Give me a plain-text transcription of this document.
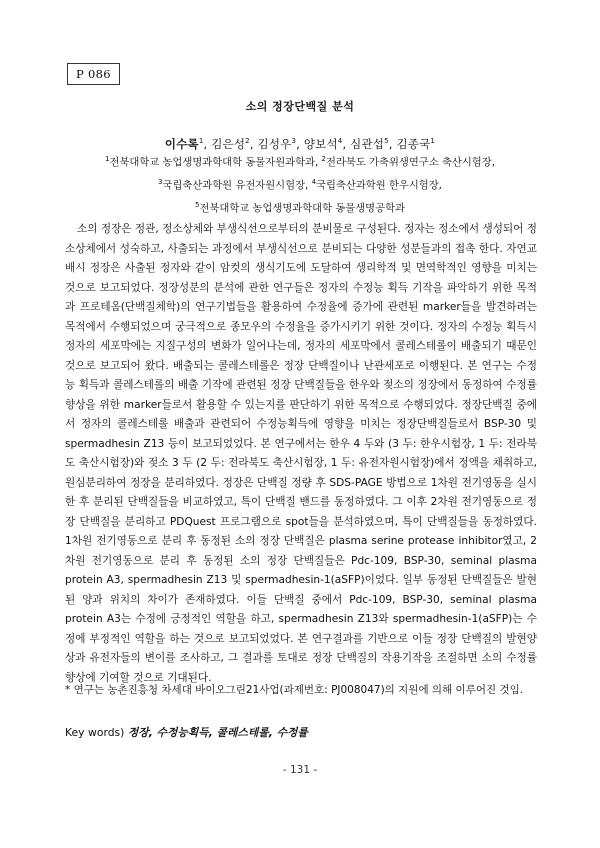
P 086
소의 정장단백질 분석
이수록$^1$, 김은성$^2$, 김성우$^3$, 양보석$^4$, 심관섭$^5$, 김종국$^1$
$^1$전북대학교 농업생명과학대학 동물자원과학과, $^2$전라북도 가축위생연구소 축산시험장,
$^3$국립축산과학원 유전자원시험장, $^4$국립축산과학원 한우시험장,
$^5$전북대학교 농업생명과학대학 동물생명공학과
소의 정장은 정관, 정소상체와 부생식선으로부터의 분비물로 구성된다. 정자는 정소에서 생성되어 정소상체에서 성숙하고, 사출되는 과정에서 부생식선으로 분비되는 다양한 성분들과의 접촉 한다. 자연교배시 정장은 사출된 정자와 같이 암컷의 생식기도에 도달하여 생리학적 및 면역학적인 영향을 미치는 것으로 보고되었다. 정장성분의 분석에 관한 연구들은 정자의 수정능 획득 기작을 파악하기 위한 목적과 프로테옴(단백질체학)의 연구기법들을 활용하여 수정율에 증가에 관련된 marker들을 발견하려는 목적에서 수행되었으며 궁극적으로 종모우의 수정율을 증가시키기 위한 것이다. 정자의 수정능 획득시 정자의 세포막에는 지질구성의 변화가 일어나는데, 정자의 세포막에서 콜레스테롤이 배출되기 때문인 것으로 보고되어 왔다. 배출되는 콜레스테롤은 정장 단백질이나 난관세포로 이행된다. 본 연구는 수정능 획득과 콜레스테롤의 배출 기작에 관련된 정장 단백질들을 한우와 젖소의 정장에서 동정하여 수정률향상을 위한 marker들로서 활용할 수 있는지를 판단하기 위한 목적으로 수행되었다. 정장단백질 중에서 정자의 콜레스테롤 배출과 관련되어 수정능획득에 영향을 미치는 정장단백질들로서 BSP-30 및 spermadhesin Z13 등이 보고되었었다. 본 연구에서는 한우 4 두와 (3 두: 한우시험장, 1 두: 전라북도 축산시험장)와 젖소 3 두 (2 두: 전라북도 축산시험장, 1 두: 유전자원시험장)에서 정액을 채취하고, 원심분리하여 정장을 분리하였다. 정장은 단백질 정량 후 SDS-PAGE 방법으로 1차원 전기영동을 실시한 후 분리된 단백질들을 비교하였고, 특이 단백질 밴드를 동정하였다. 그 이후 2차원 전기영동으로 정장 단백질을 분리하고 PDQuest 프로그램으로 spot들을 분석하였으며, 특이 단백질들을 동정하였다. 1차원 전기영동으로 분리 후 동정된 소의 정장 단백질은 plasma serine protease inhibitor였고, 2차원 전기영동으로 분리 후 동정된 소의 정장 단백질들은 Pdc-109, BSP-30, seminal plasma protein A3, spermadhesin Z13 및 spermadhesin-1(aSFP)이었다. 일부 동정된 단백질들은 발현된 양과 위치의 차이가 존재하였다. 이들 단백질 중에서 Pdc-109, BSP-30, seminal plasma protein A3는 수정에 긍정적인 역할을 하고, spermadhesin Z13와 spermadhesin-1(aSFP)는 수정에 부정적인 역할을 하는 것으로 보고되었었다. 본 연구결과를 기반으로 이들 정장 단백질의 발현양상과 유전자들의 변이를 조사하고, 그 결과를 토대로 정장 단백질의 작용기작을 조절하면 소의 수정률 향상에 기여할 것으로 기대된다.
* 연구는 농촌진흥청 차세대 바이오그린21사업(과제번호: PJ008047)의 지원에 의해 이루어진 것임.
Key words) 정장, 수정능획득, 콜레스테롤, 수정률
- 131 -
